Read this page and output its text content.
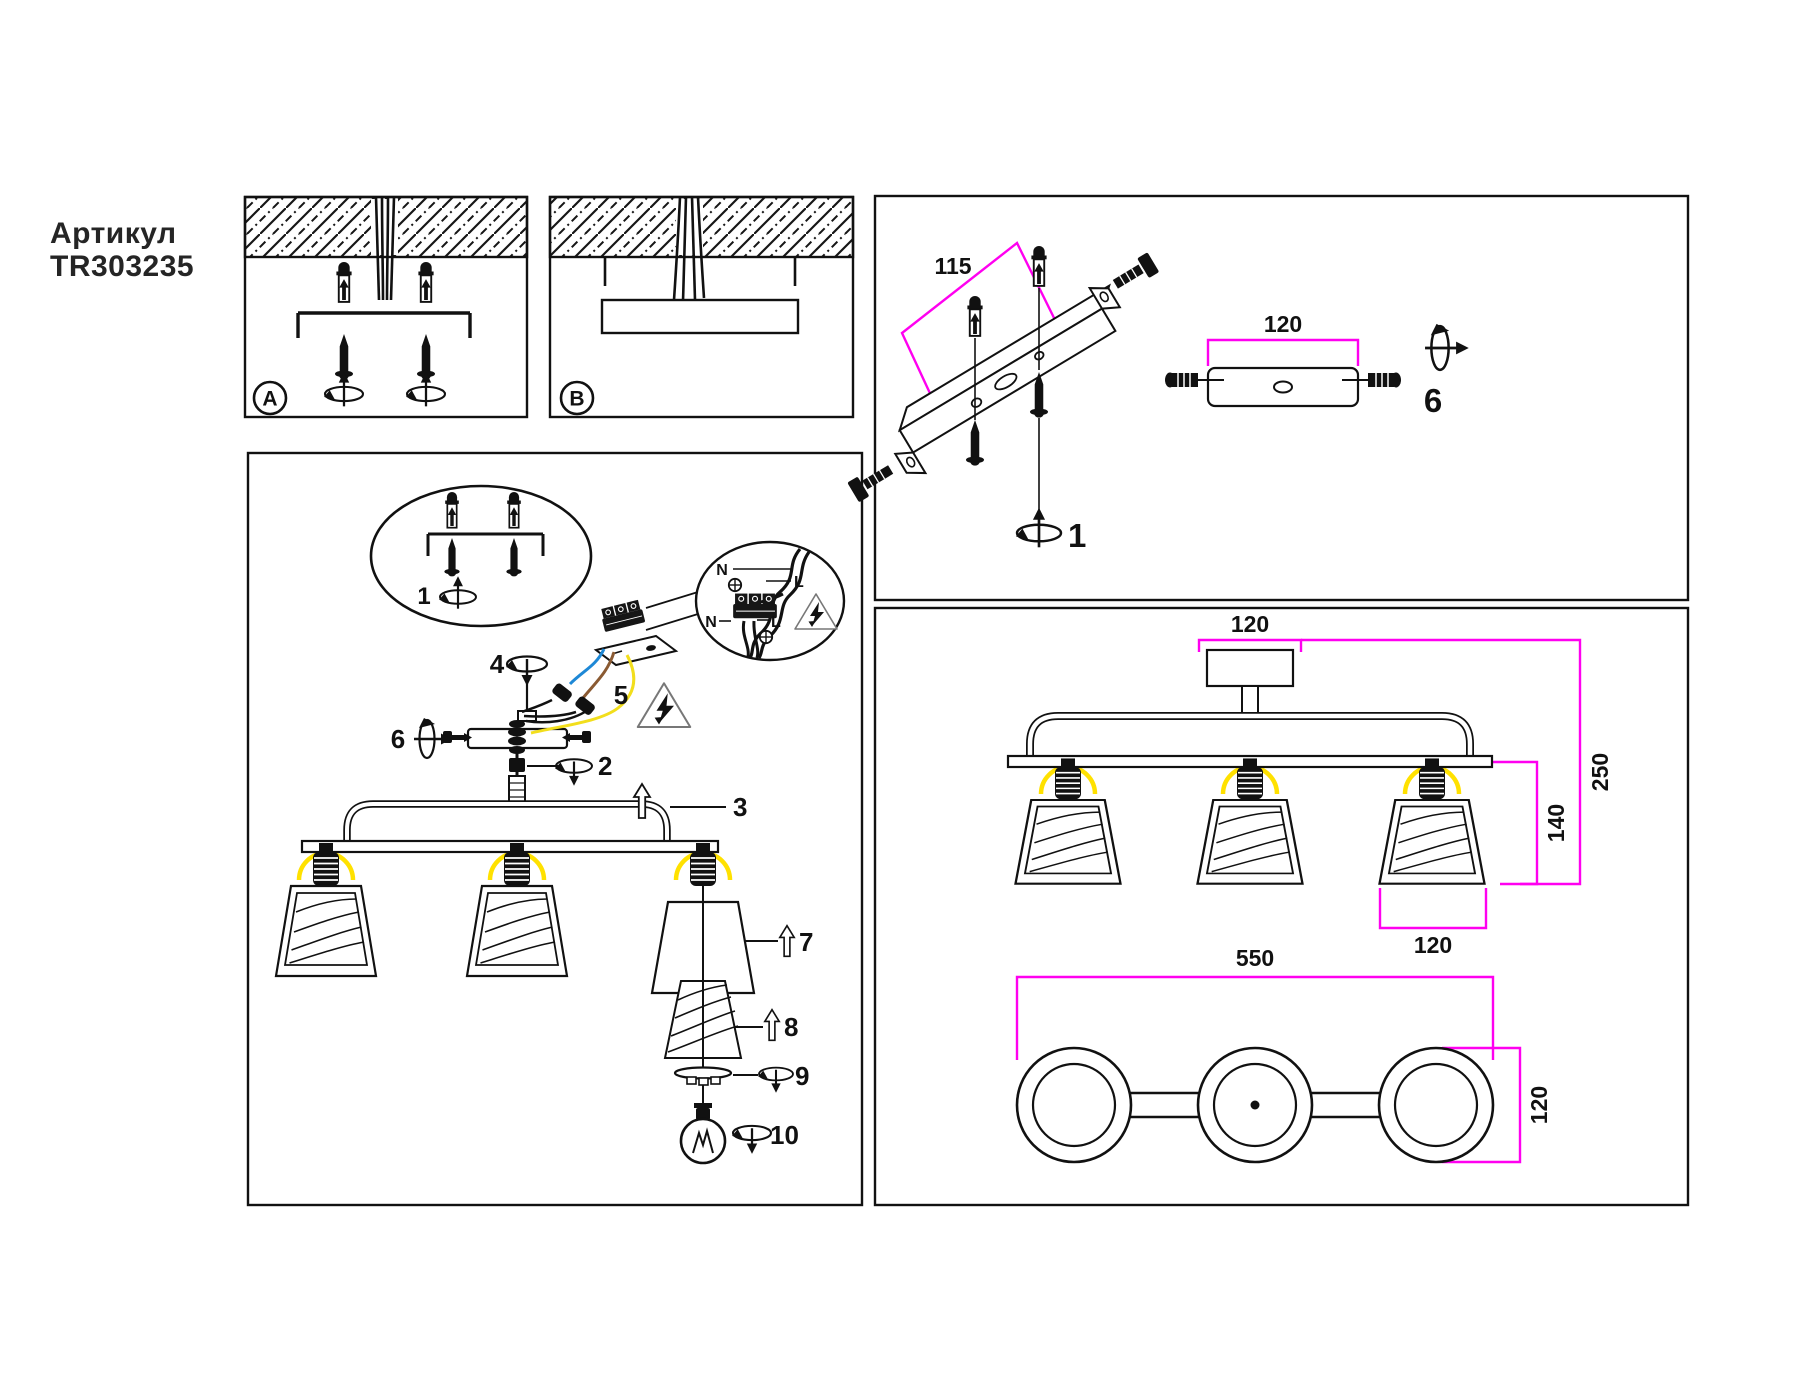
Артикул
TR303235
A	B
1
4
5
6
2
3
7
8
9
10
N
L
N	L
115
1
120
6
120
250
140
120
550
120
